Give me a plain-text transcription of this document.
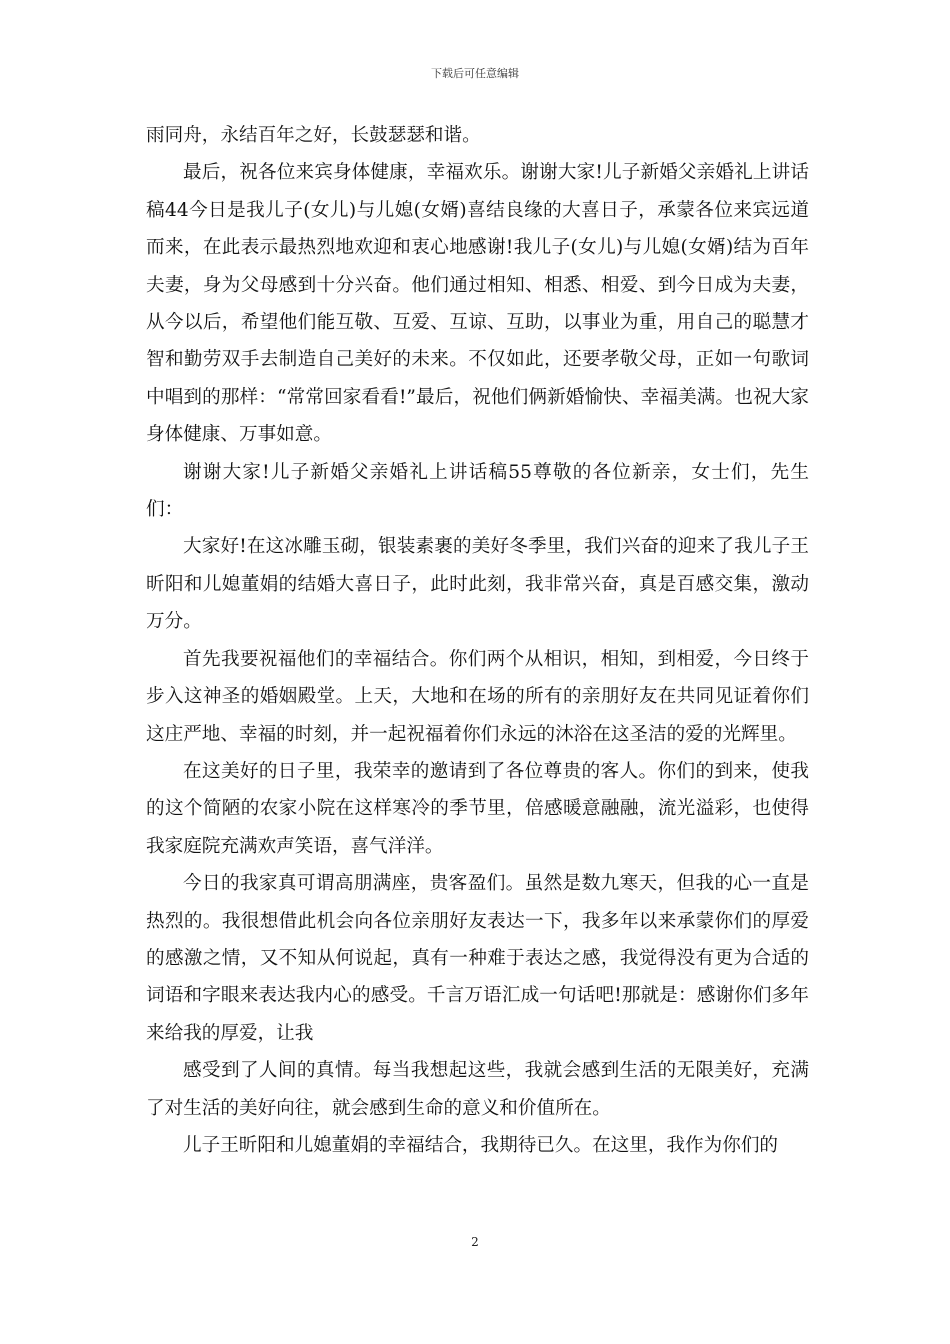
下载后可任意编辑

雨同舟，永结百年之好，长鼓瑟瑟和谐。

最后，祝各位来宾身体健康，幸福欢乐。谢谢大家!儿子新婚父亲婚礼上讲话稿44今日是我儿子(女儿)与儿媳(女婿)喜结良缘的大喜日子，承蒙各位来宾远道而来，在此表示最热烈地欢迎和衷心地感谢!我儿子(女儿)与儿媳(女婿)结为百年夫妻，身为父母感到十分兴奋。他们通过相知、相悉、相爱、到今日成为夫妻，从今以后，希望他们能互敬、互爱、互谅、互助，以事业为重，用自己的聪慧才智和勤劳双手去制造自己美好的未来。不仅如此，还要孝敬父母，正如一句歌词中唱到的那样：“常常回家看看!”最后，祝他们俩新婚愉快、幸福美满。也祝大家身体健康、万事如意。

谢谢大家!儿子新婚父亲婚礼上讲话稿55尊敬的各位新亲，女士们，先生们：

大家好!在这冰雕玉砌，银装素裹的美好冬季里，我们兴奋的迎来了我儿子王昕阳和儿媳董娟的结婚大喜日子，此时此刻，我非常兴奋，真是百感交集，激动万分。

首先我要祝福他们的幸福结合。你们两个从相识，相知，到相爱，今日终于步入这神圣的婚姻殿堂。上天，大地和在场的所有的亲朋好友在共同见证着你们这庄严地、幸福的时刻，并一起祝福着你们永远的沐浴在这圣洁的爱的光辉里。

在这美好的日子里，我荣幸的邀请到了各位尊贵的客人。你们的到来，使我的这个简陋的农家小院在这样寒冷的季节里，倍感暖意融融，流光溢彩，也使得我家庭院充满欢声笑语，喜气洋洋。

今日的我家真可谓高朋满座，贵客盈们。虽然是数九寒天，但我的心一直是热烈的。我很想借此机会向各位亲朋好友表达一下，我多年以来承蒙你们的厚爱的感激之情，又不知从何说起，真有一种难于表达之感，我觉得没有更为合适的词语和字眼来表达我内心的感受。千言万语汇成一句话吧!那就是：感谢你们多年来给我的厚爱，让我

感受到了人间的真情。每当我想起这些，我就会感到生活的无限美好，充满了对生活的美好向往，就会感到生命的意义和价值所在。

儿子王昕阳和儿媳董娟的幸福结合，我期待已久。在这里，我作为你们的

2
